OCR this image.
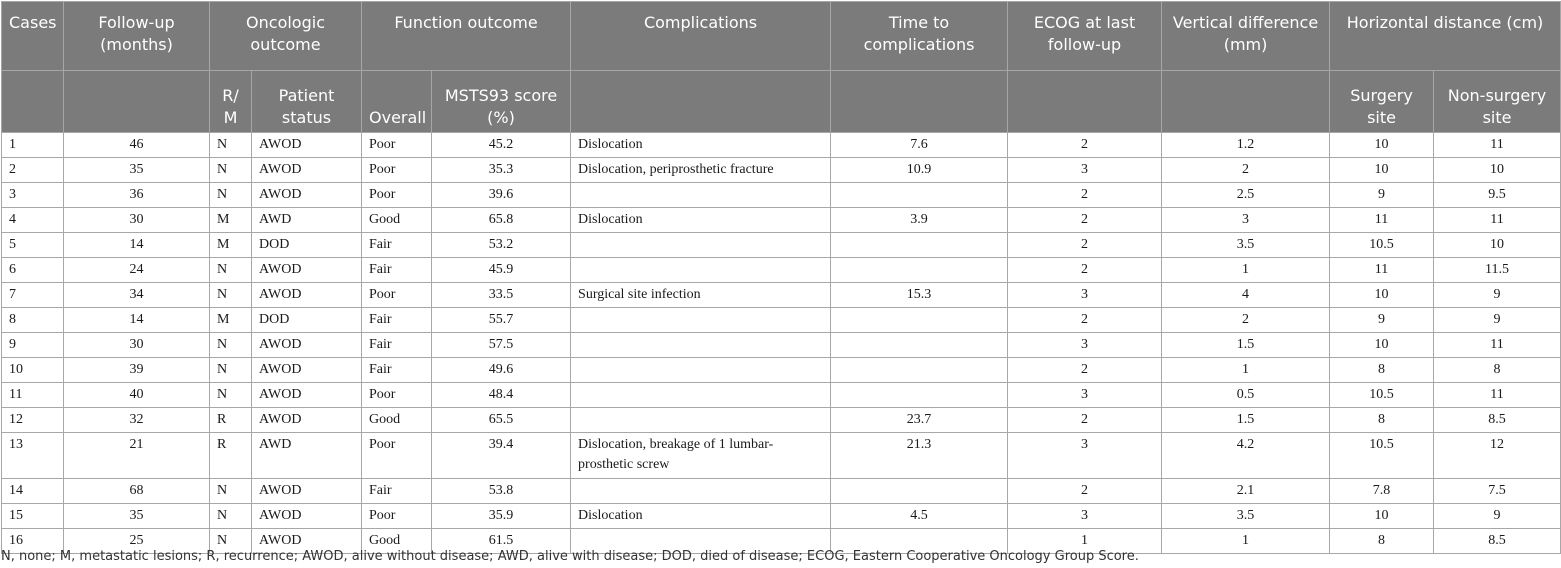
Cases	Follow-up (months)	Oncologic outcome		Function outcome		Complications	Time to complications	ECOG at last follow-up	Vertical difference (mm)	Horizontal distance (cm)	
		R/ M	Patient status	Overall	MSTS93 score (%)					Surgery site	Non-surgery site
1	46	N	AWOD	Poor	45.2	Dislocation	7.6	2	1.2	10	11
2	35	N	AWOD	Poor	35.3	Dislocation, periprosthetic fracture	10.9	3	2	10	10
3	36	N	AWOD	Poor	39.6			2	2.5	9	9.5
4	30	M	AWD	Good	65.8	Dislocation	3.9	2	3	11	11
5	14	M	DOD	Fair	53.2			2	3.5	10.5	10
6	24	N	AWOD	Fair	45.9			2	1	11	11.5
7	34	N	AWOD	Poor	33.5	Surgical site infection	15.3	3	4	10	9
8	14	M	DOD	Fair	55.7			2	2	9	9
9	30	N	AWOD	Fair	57.5			3	1.5	10	11
10	39	N	AWOD	Fair	49.6			2	1	8	8
11	40	N	AWOD	Poor	48.4			3	0.5	10.5	11
12	32	R	AWOD	Good	65.5		23.7	2	1.5	8	8.5
13	21	R	AWD	Poor	39.4	Dislocation, breakage of 1 lumbar-prosthetic screw	21.3	3	4.2	10.5	12
14	68	N	AWOD	Fair	53.8			2	2.1	7.8	7.5
15	35	N	AWOD	Poor	35.9	Dislocation	4.5	3	3.5	10	9
16	25	N	AWOD	Good	61.5			1	1	8	8.5
N, none; M, metastatic lesions; R, recurrence; AWOD, alive without disease; AWD, alive with disease; DOD, died of disease; ECOG, Eastern Cooperative Oncology Group Score.
